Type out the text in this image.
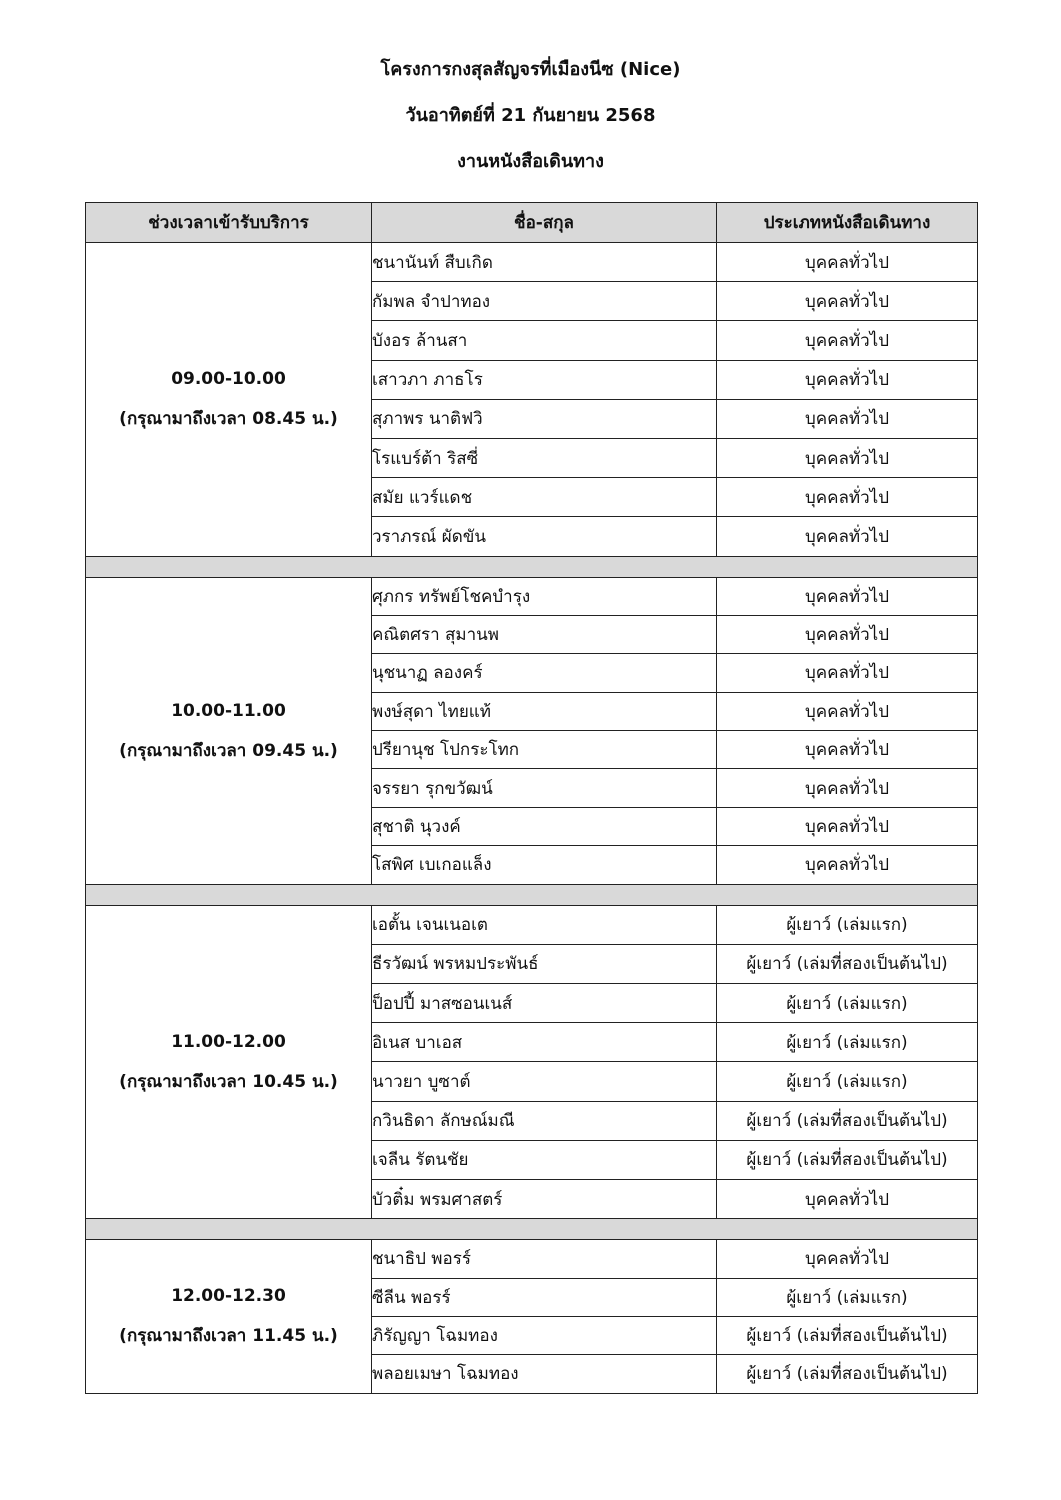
โครงการกงสุลสัญจรที่เมืองนีซ (Nice)
วันอาทิตย์ที่ 21 กันยายน 2568
งานหนังสือเดินทาง
ช่วงเวลาเข้ารับบริการ	ชื่อ-สกุล	ประเภทหนังสือเดินทาง

09.00-10.00
(กรุณามาถึงเวลา 08.45 น.)	ชนานันท์ สืบเกิด	บุคคลทั่วไป
	กัมพล จำปาทอง	บุคคลทั่วไป
	บังอร ล้านสา	บุคคลทั่วไป
	เสาวภา ภาธโร	บุคคลทั่วไป
	สุภาพร นาติฟวิ	บุคคลทั่วไป
	โรแบร์ต้า ริสซี่	บุคคลทั่วไป
	สมัย แวร์แดช	บุคคลทั่วไป
	วราภรณ์ ผัดขัน	บุคคลทั่วไป

10.00-11.00
(กรุณามาถึงเวลา 09.45 น.)	ศุภกร ทรัพย์โชคบำรุง	บุคคลทั่วไป
	คณิตศรา สุมานพ	บุคคลทั่วไป
	นุชนาฏ ลองคร์	บุคคลทั่วไป
	พงษ์สุดา ไทยแท้	บุคคลทั่วไป
	ปรียานุช โปกระโทก	บุคคลทั่วไป
	จรรยา รุกขวัฒน์	บุคคลทั่วไป
	สุชาติ นุวงค์	บุคคลทั่วไป
	โสพิศ เบเกอแล็ง	บุคคลทั่วไป

11.00-12.00
(กรุณามาถึงเวลา 10.45 น.)	เอตั้น เจนเนอเต	ผู้เยาว์ (เล่มแรก)
	ธีรวัฒน์ พรหมประพันธ์	ผู้เยาว์ (เล่มที่สองเป็นต้นไป)
	ป็อปปี้ มาสซอนเนส์	ผู้เยาว์ (เล่มแรก)
	อิเนส บาเอส	ผู้เยาว์ (เล่มแรก)
	นาวยา บูซาต์	ผู้เยาว์ (เล่มแรก)
	กวินธิดา ลักษณ์มณี	ผู้เยาว์ (เล่มที่สองเป็นต้นไป)
	เจลีน รัตนชัย	ผู้เยาว์ (เล่มที่สองเป็นต้นไป)
	บัวติ๋ม พรมศาสตร์	บุคคลทั่วไป

12.00-12.30
(กรุณามาถึงเวลา 11.45 น.)	ชนาธิป พอรร์	บุคคลทั่วไป
	ซีลีน พอรร์	ผู้เยาว์ (เล่มแรก)
	ภิรัญญา โฉมทอง	ผู้เยาว์ (เล่มที่สองเป็นต้นไป)
	พลอยเมษา โฉมทอง	ผู้เยาว์ (เล่มที่สองเป็นต้นไป)
